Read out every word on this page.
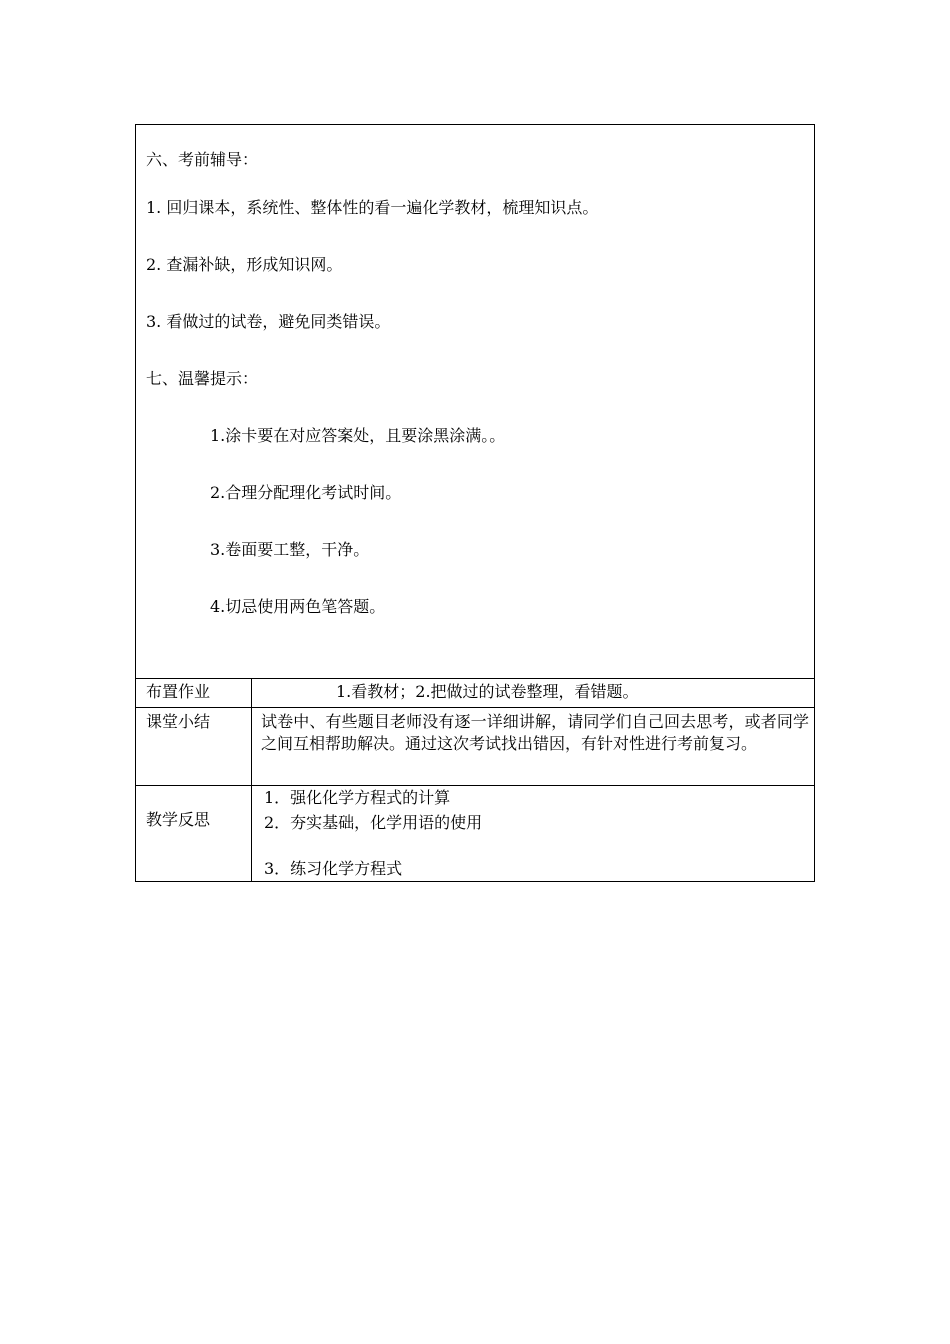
六、考前辅导：
1. 回归课本，系统性、整体性的看一遍化学教材，梳理知识点。
2. 查漏补缺，形成知识网。
3. 看做过的试卷，避免同类错误。
七、温馨提示：
1.涂卡要在对应答案处，且要涂黑涂满。。
2.合理分配理化考试时间。
3.卷面要工整，干净。
4.切忌使用两色笔答题。
布置作业	1.看教材；2.把做过的试卷整理，看错题。
课堂小结	试卷中、有些题目老师没有逐一详细讲解，请同学们自己回去思考，或者同学之间互相帮助解决。通过这次考试找出错因，有针对性进行考前复习。
教学反思
1．强化化学方程式的计算
2．夯实基础，化学用语的使用
3．练习化学方程式
